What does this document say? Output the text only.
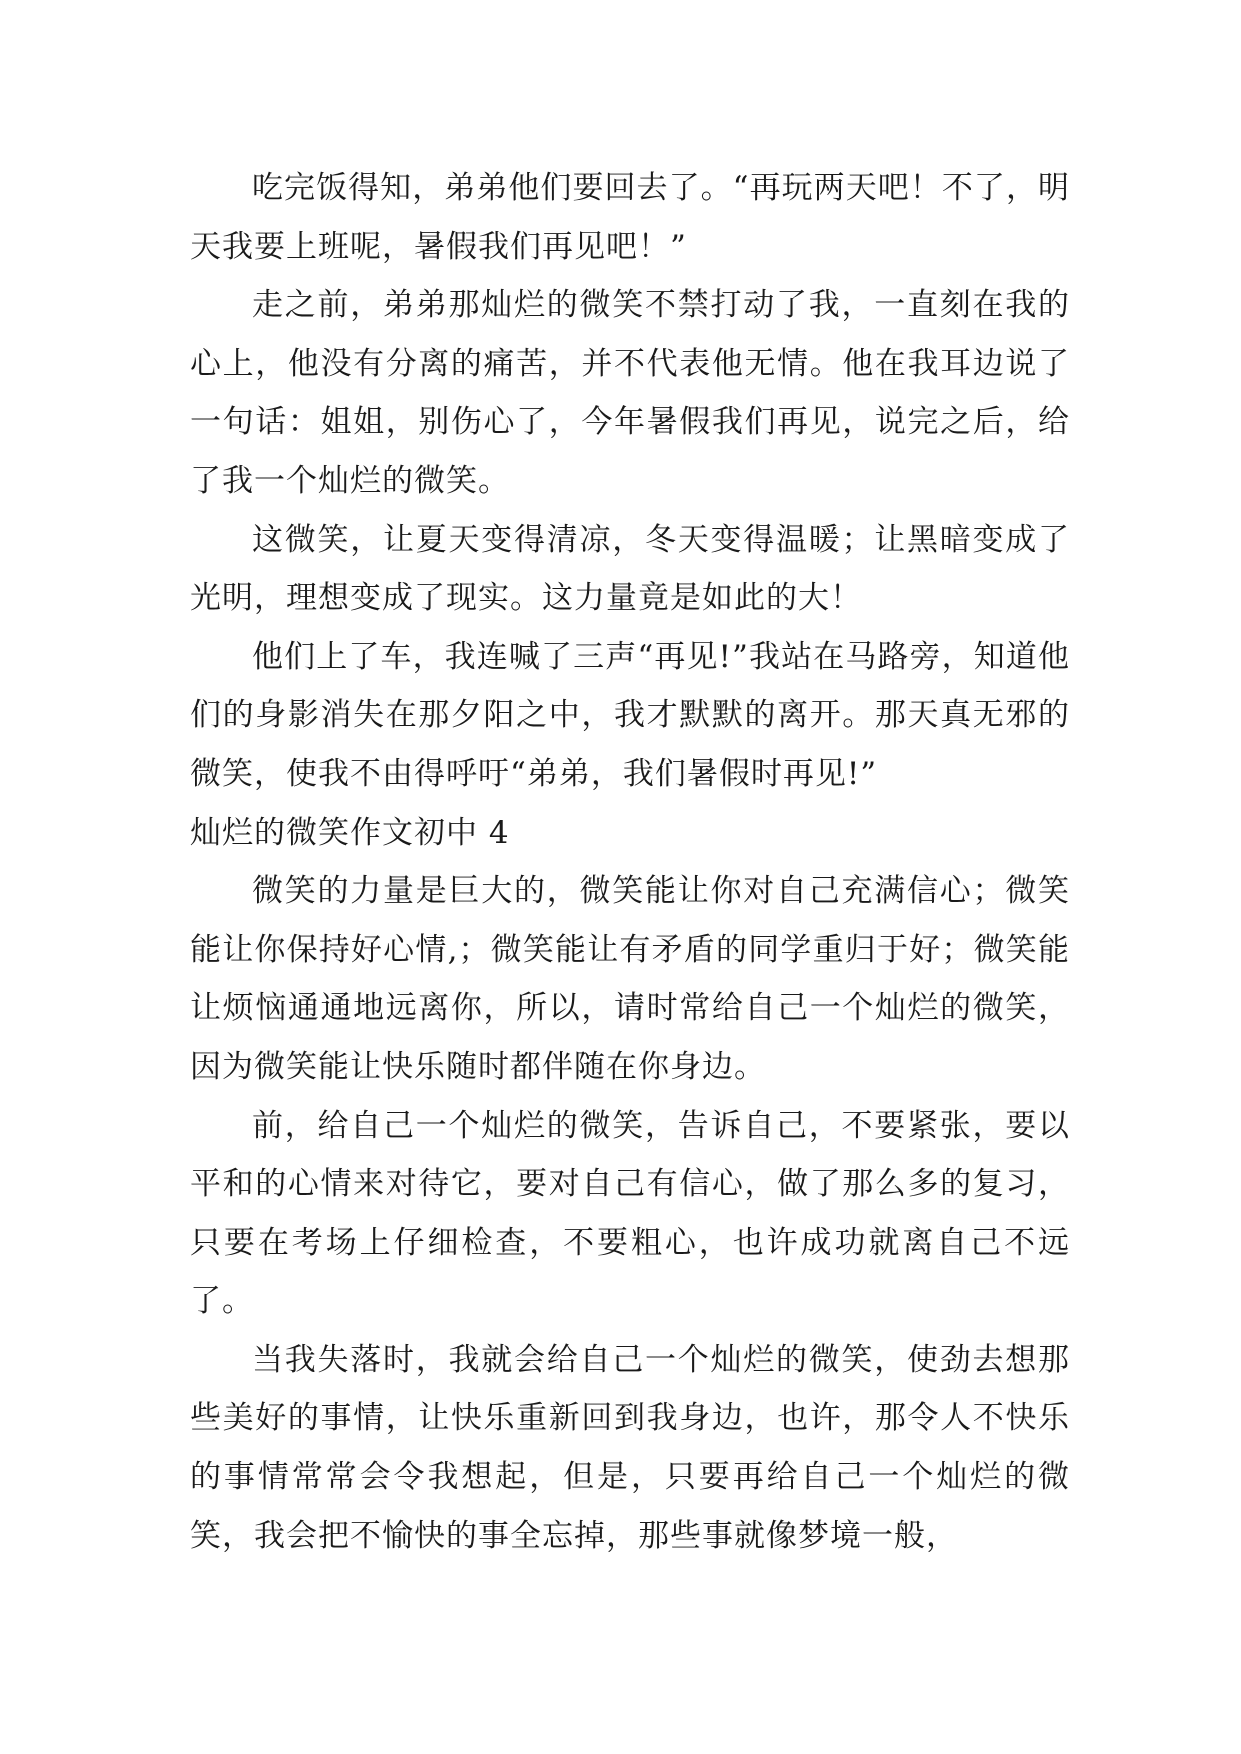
吃完饭得知，弟弟他们要回去了。“再玩两天吧！不了，明天我要上班呢，暑假我们再见吧！”

走之前，弟弟那灿烂的微笑不禁打动了我，一直刻在我的心上，他没有分离的痛苦，并不代表他无情。他在我耳边说了一句话：姐姐，别伤心了，今年暑假我们再见，说完之后，给了我一个灿烂的微笑。

这微笑，让夏天变得清凉，冬天变得温暖；让黑暗变成了光明，理想变成了现实。这力量竟是如此的大！

他们上了车，我连喊了三声“再见!”我站在马路旁，知道他们的身影消失在那夕阳之中，我才默默的离开。那天真无邪的微笑，使我不由得呼吁“弟弟，我们暑假时再见!”

灿烂的微笑作文初中 4

微笑的力量是巨大的，微笑能让你对自己充满信心；微笑能让你保持好心情,；微笑能让有矛盾的同学重归于好；微笑能让烦恼通通地远离你，所以，请时常给自己一个灿烂的微笑，因为微笑能让快乐随时都伴随在你身边。

前，给自己一个灿烂的微笑，告诉自己，不要紧张，要以平和的心情来对待它，要对自己有信心，做了那么多的复习，只要在考场上仔细检查，不要粗心，也许成功就离自己不远了。

当我失落时，我就会给自己一个灿烂的微笑，使劲去想那些美好的事情，让快乐重新回到我身边，也许，那令人不快乐的事情常常会令我想起，但是，只要再给自己一个灿烂的微笑，我会把不愉快的事全忘掉，那些事就像梦境一般，
